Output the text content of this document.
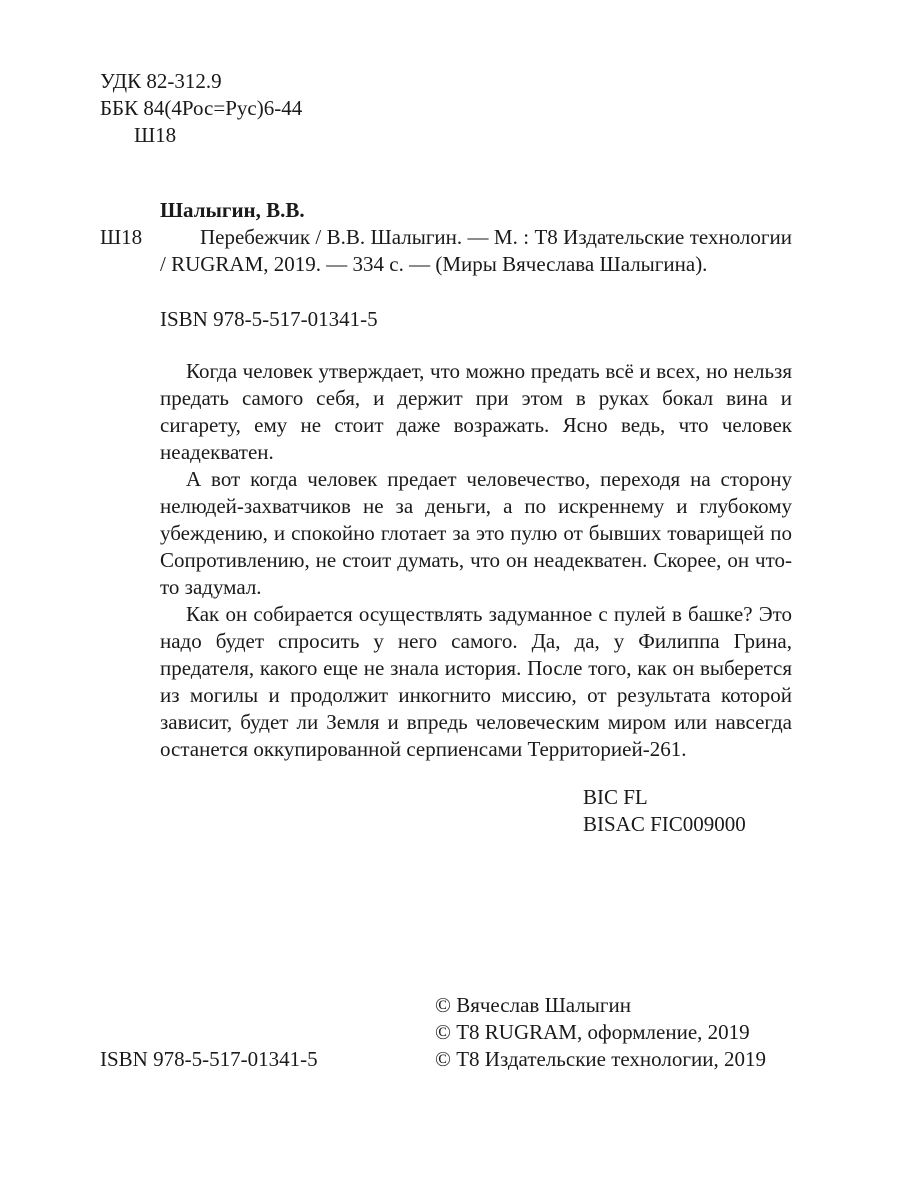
УДК 82-312.9
ББК 84(4Рос=Рус)6-44
Ш18
Шалыгин, В.В.
Ш18	Перебежчик / В.В. Шалыгин. — М. : Т8 Издательские технологии / RUGRAM, 2019. — 334 с. — (Миры Вячеслава Шалыгина).

ISBN 978-5-517-01341-5

Когда человек утверждает, что можно предать всё и всех, но нельзя предать самого себя, и держит при этом в руках бокал вина и сигарету, ему не стоит даже возражать. Ясно ведь, что человек неадекватен.

А вот когда человек предает человечество, переходя на сторону нелюдей-захватчиков не за деньги, а по искреннему и глубокому убеждению, и спокойно глотает за это пулю от бывших товарищей по Сопротивлению, не стоит думать, что он неадекватен. Скорее, он что-то задумал.

Как он собирается осуществлять задуманное с пулей в башке? Это надо будет спросить у него самого. Да, да, у Филиппа Грина, предателя, какого еще не знала история. После того, как он выберется из могилы и продолжит инкогнито миссию, от результата которой зависит, будет ли Земля и впредь человеческим миром или навсегда останется оккупированной серпиенсами Территорией-261.

BIC FL
BISAC FIC009000
© Вячеслав Шалыгин
© Т8 RUGRAM, оформление, 2019
© Т8 Издательские технологии, 2019
ISBN 978-5-517-01341-5
